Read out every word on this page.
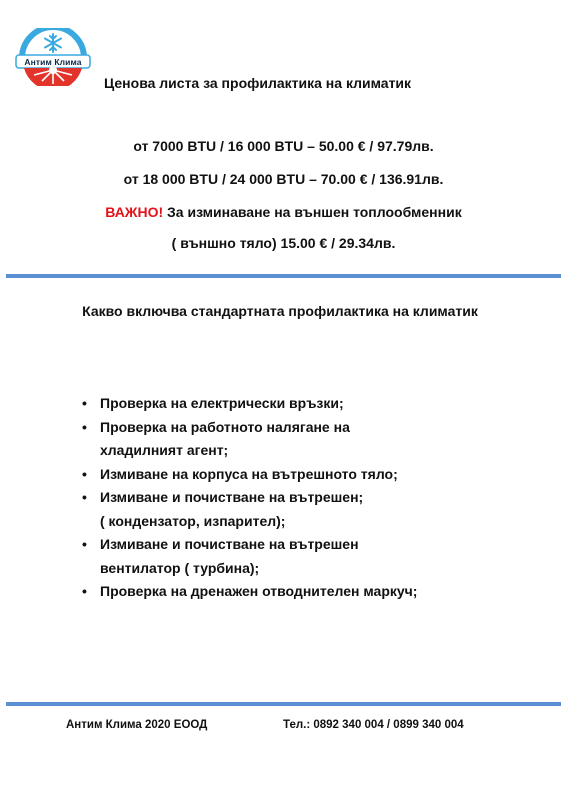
Антим Клима
Ценова листа за профилактика на климатик
от 7000 BTU / 16 000 BTU – 50.00 € / 97.79лв.
от 18 000 BTU / 24 000 BTU – 70.00 € / 136.91лв.
ВАЖНО! За изминаване на външен топлообменник
( външно тяло) 15.00 € / 29.34лв.
Какво включва стандартната профилактика на климатик
• Проверка на електрически връзки;
• Проверка на работното налягане на
хладилният агент;
• Измиване на корпуса на вътрешното тяло;
• Измиване и почистване на вътрешен;
( кондензатор, изпарител);
• Измиване и почистване на вътрешен
вентилатор ( турбина);
• Проверка на дренажен отводнителен маркуч;
Антим Клима 2020 ЕООД	Тел.: 0892 340 004 / 0899 340 004
